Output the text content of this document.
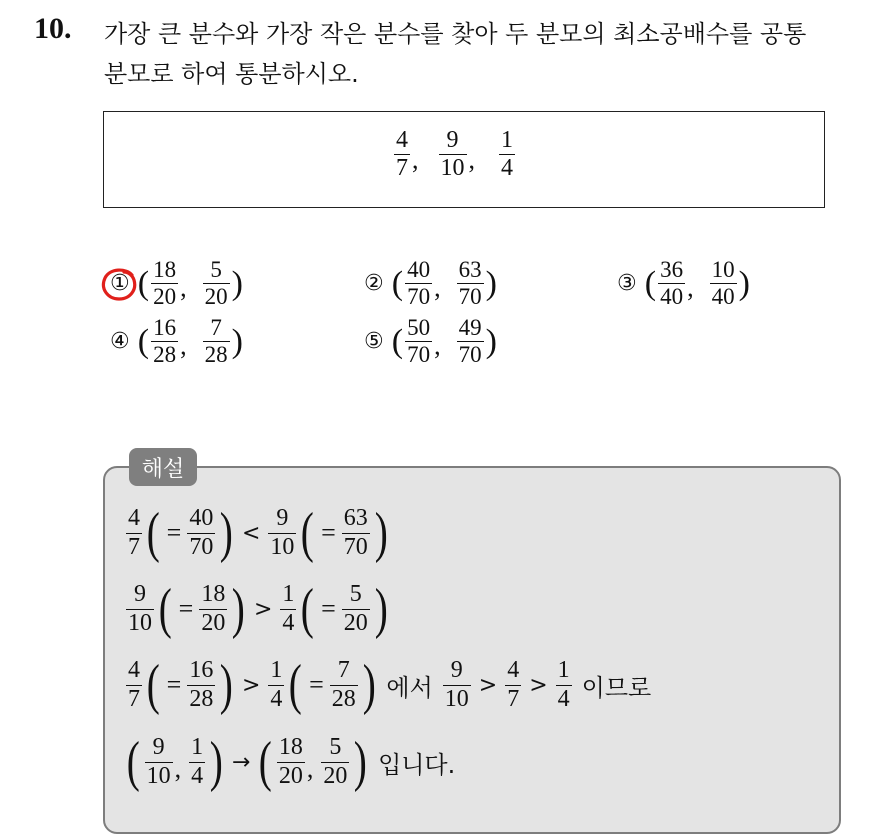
10. 가장 큰 분수와 가장 작은 분수를 찾아 두 분모의 최소공배수를 공통
분모로 하여 통분하시오.
$\frac{4}{7}$ , $\frac{9}{10}$ , $\frac{1}{4}$
① ( $\frac{18}{20}$ , $\frac{5}{20}$ )	② ( $\frac{40}{70}$ , $\frac{63}{70}$ )	③ ( $\frac{36}{40}$ , $\frac{10}{40}$ )
④ ( $\frac{16}{28}$ , $\frac{7}{28}$ )	⑤ ( $\frac{50}{70}$ , $\frac{49}{70}$ )
해설
$\frac{4}{7}$ ( = $\frac{40}{70}$ ) < $\frac{9}{10}$ ( = $\frac{63}{70}$ )
$\frac{9}{10}$ ( = $\frac{18}{20}$ ) > $\frac{1}{4}$ ( = $\frac{5}{20}$ )
$\frac{4}{7}$ ( = $\frac{16}{28}$ ) > $\frac{1}{4}$ ( = $\frac{7}{28}$ ) 에서 $\frac{9}{10} > \frac{4}{7} > \frac{1}{4}$ 이므로
( $\frac{9}{10}$ , $\frac{1}{4}$ ) → ( $\frac{18}{20}$ , $\frac{5}{20}$ ) 입니다.
